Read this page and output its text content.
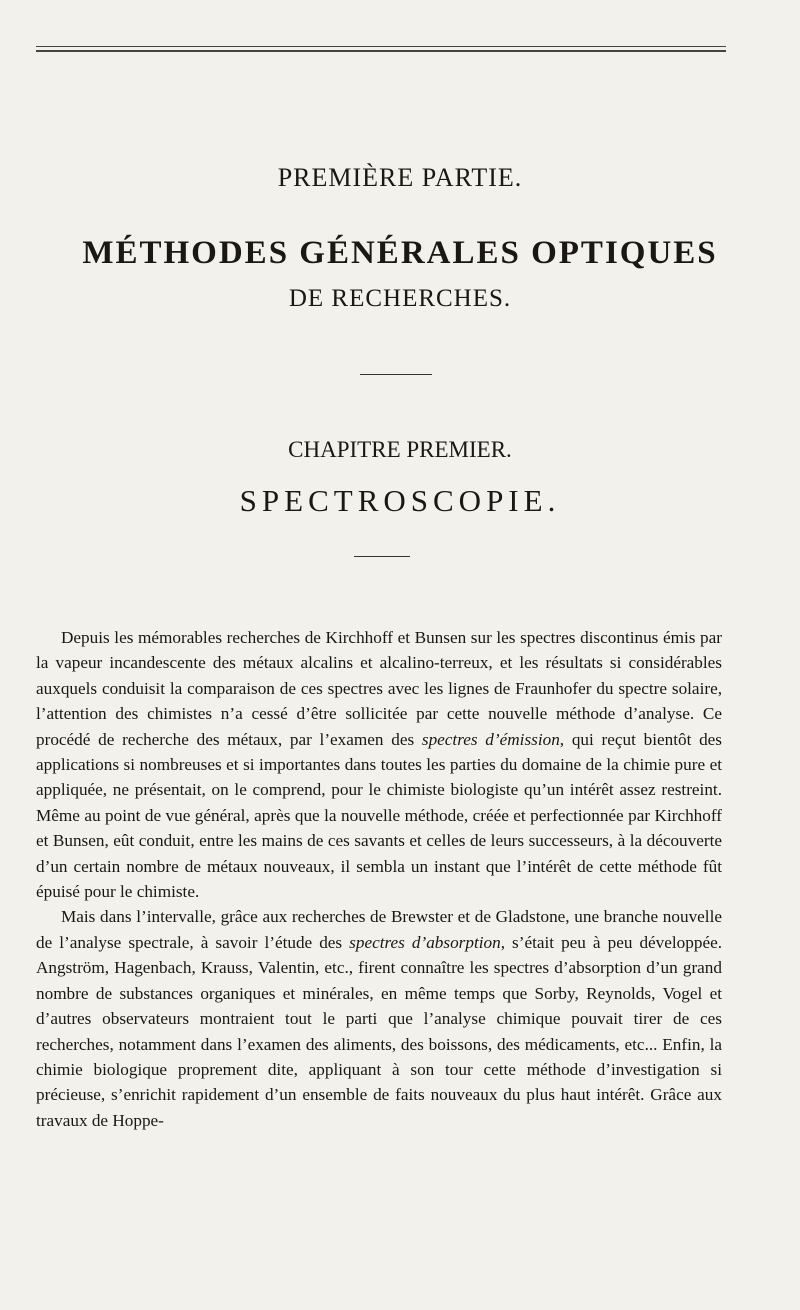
PREMIÈRE PARTIE.
MÉTHODES GÉNÉRALES OPTIQUES
DE RECHERCHES.
CHAPITRE PREMIER.
SPECTROSCOPIE.

Depuis les mémorables recherches de Kirchhoff et Bunsen sur les spectres discontinus émis par la vapeur incandescente des métaux alcalins et alcalino-terreux, et les résultats si considérables auxquels conduisit la comparaison de ces spectres avec les lignes de Fraunhofer du spectre solaire, l’attention des chimistes n’a cessé d’être sollicitée par cette nouvelle méthode d’analyse. Ce procédé de recherche des métaux, par l’examen des spectres d’émission, qui reçut bientôt des applications si nombreuses et si importantes dans toutes les parties du domaine de la chimie pure et appliquée, ne présentait, on le comprend, pour le chimiste biologiste qu’un intérêt assez restreint. Même au point de vue général, après que la nouvelle méthode, créée et perfectionnée par Kirchhoff et Bunsen, eût conduit, entre les mains de ces savants et celles de leurs successeurs, à la découverte d’un certain nombre de métaux nouveaux, il sembla un instant que l’intérêt de cette méthode fût épuisé pour le chimiste.

Mais dans l’intervalle, grâce aux recherches de Brewster et de Gladstone, une branche nouvelle de l’analyse spectrale, à savoir l’étude des spectres d’absorption, s’était peu à peu développée. Angström, Hagenbach, Krauss, Valentin, etc., firent connaître les spectres d’absorption d’un grand nombre de substances organiques et minérales, en même temps que Sorby, Reynolds, Vogel et d’autres observateurs montraient tout le parti que l’analyse chimique pouvait tirer de ces recherches, notamment dans l’examen des aliments, des boissons, des médicaments, etc... Enfin, la chimie biologique proprement dite, appliquant à son tour cette méthode d’investigation si précieuse, s’enrichit rapidement d’un ensemble de faits nouveaux du plus haut intérêt. Grâce aux travaux de Hoppe-
